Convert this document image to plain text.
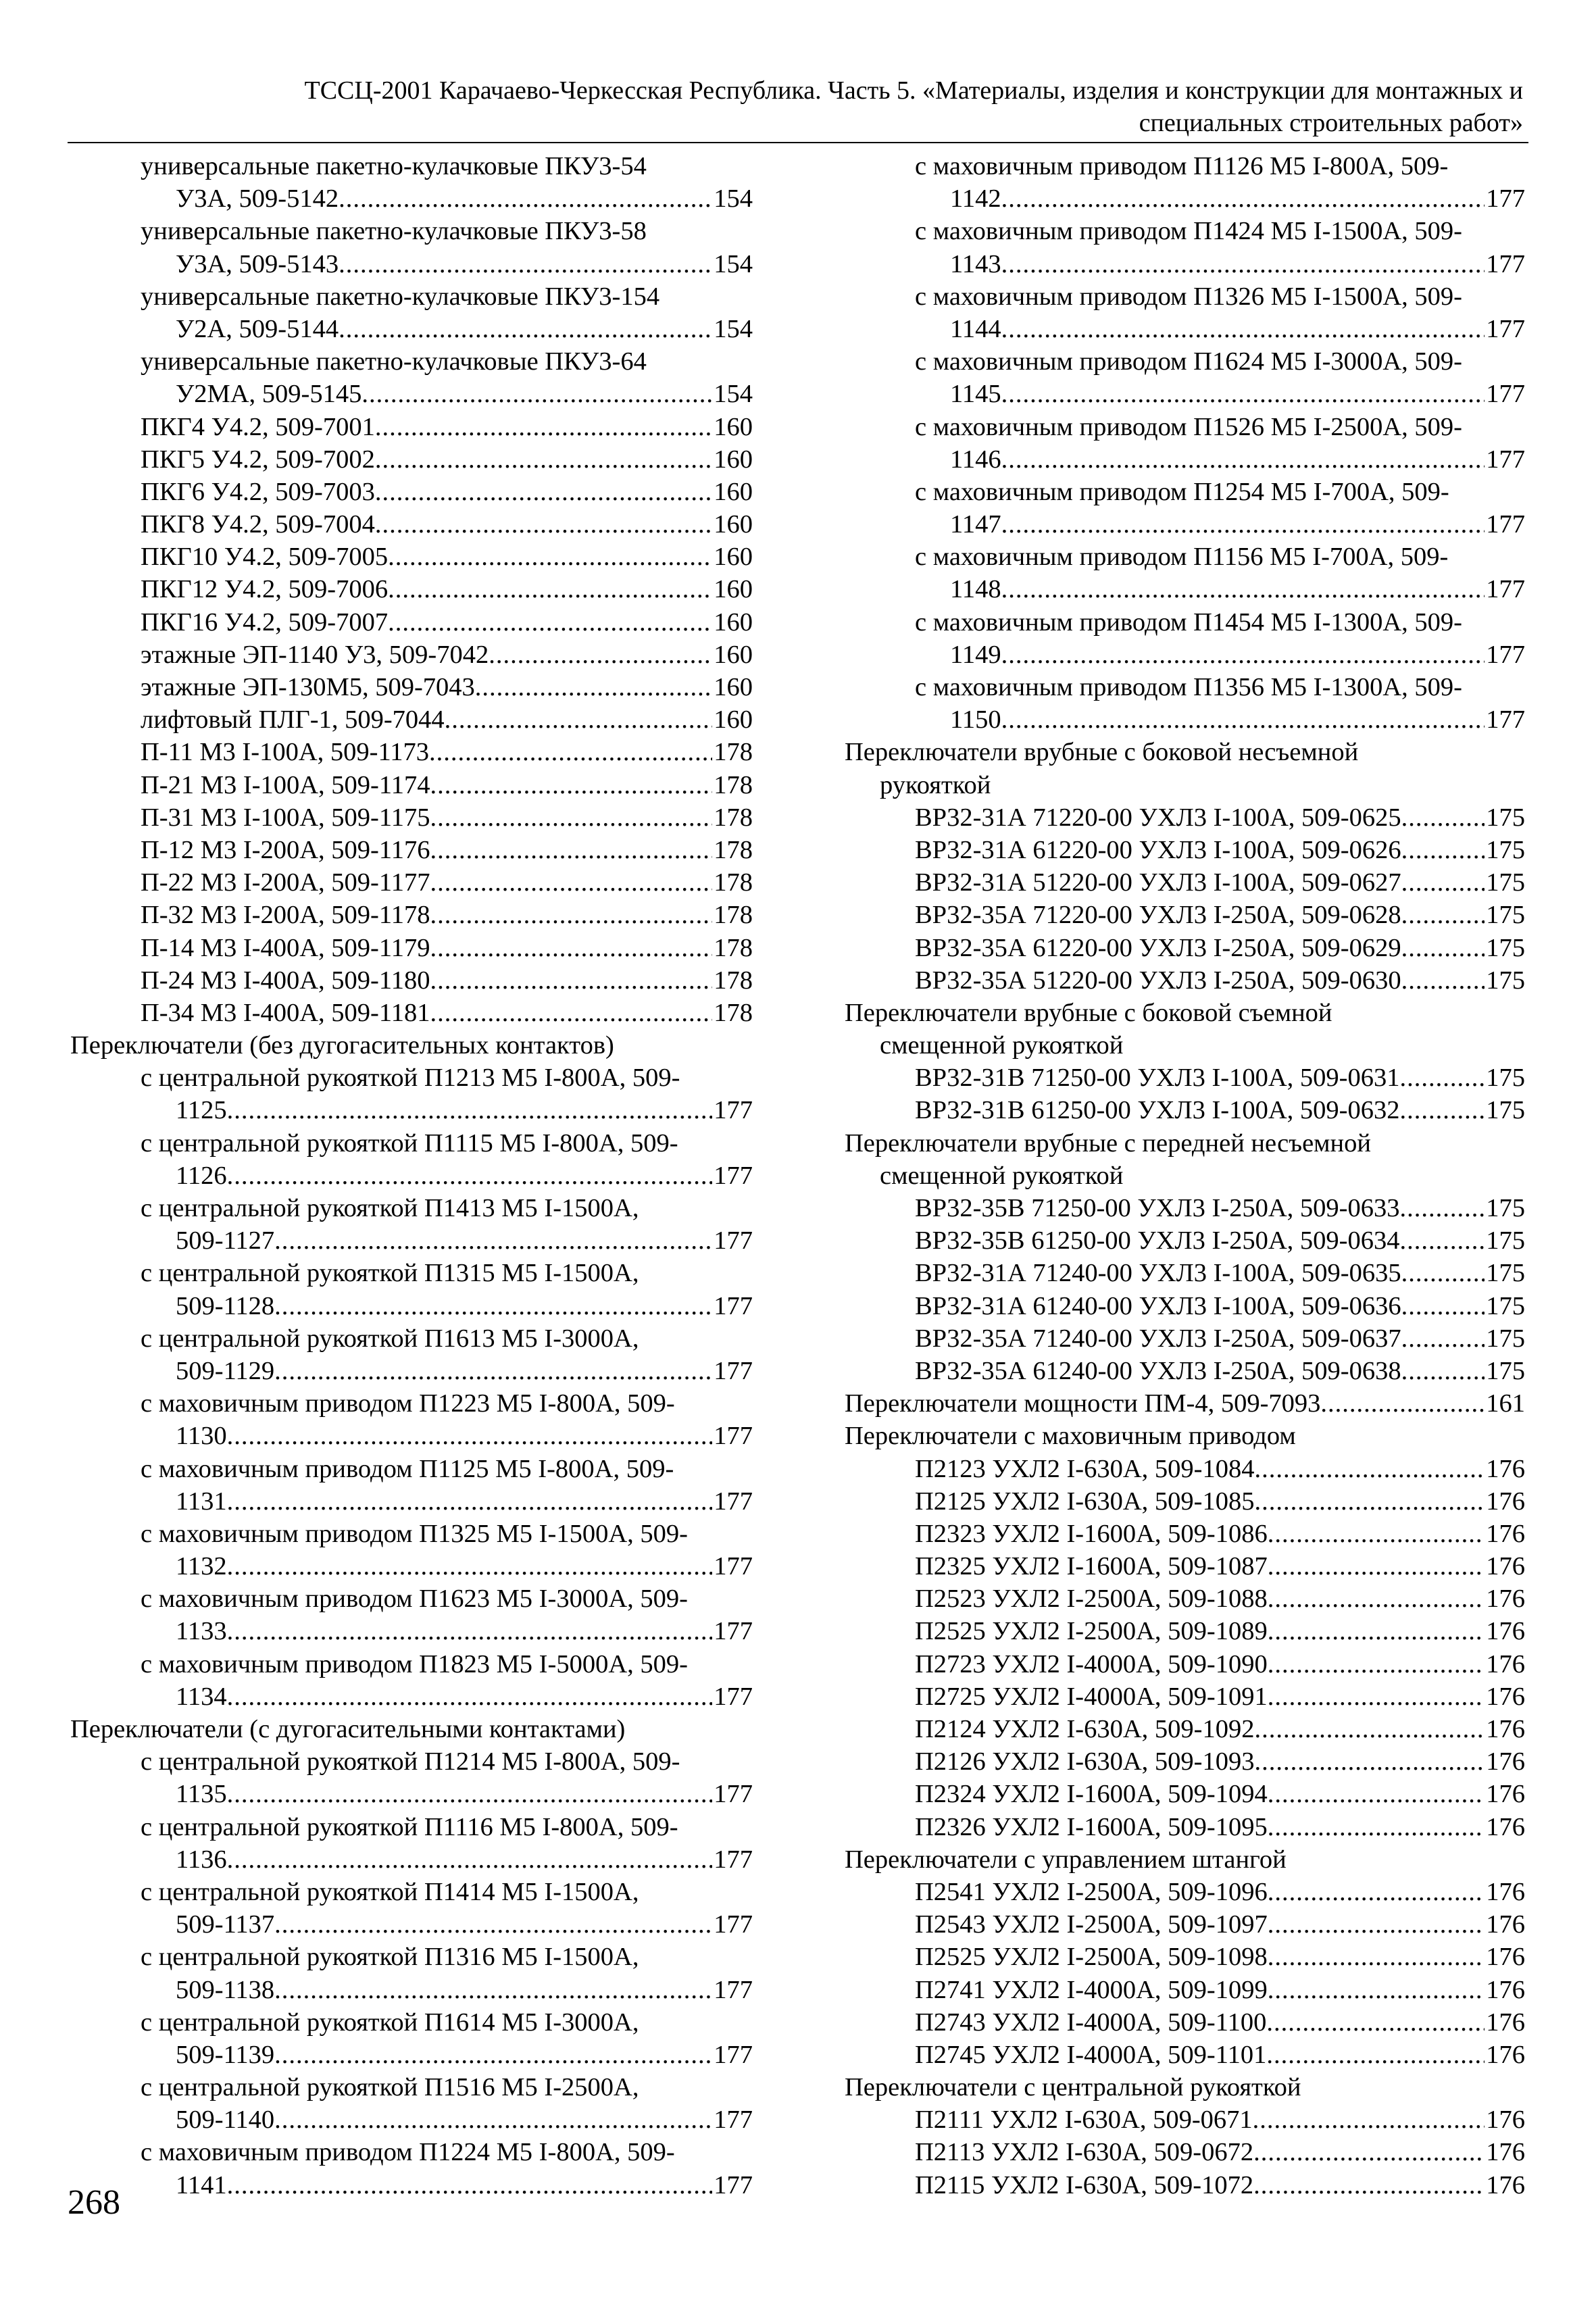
ТССЦ-2001 Карачаево-Черкесская Республика. Часть 5. «Материалы, изделия и конструкции для монтажных и
специальных строительных работ»
универсальные пакетно-кулачковые ПКУ3-54
У3А, 509-5142 .....	154
универсальные пакетно-кулачковые ПКУ3-58
У3А, 509-5143 .....	154
универсальные пакетно-кулачковые ПКУ3-154
У2А, 509-5144 .....	154
универсальные пакетно-кулачковые ПКУ3-64
У2МА, 509-5145 .....	154
ПКГ4 У4.2, 509-7001 .....	160
ПКГ5 У4.2, 509-7002 .....	160
ПКГ6 У4.2, 509-7003 .....	160
ПКГ8 У4.2, 509-7004 .....	160
ПКГ10 У4.2, 509-7005 .....	160
ПКГ12 У4.2, 509-7006 .....	160
ПКГ16 У4.2, 509-7007 .....	160
этажные ЭП-1140 У3, 509-7042 .....	160
этажные ЭП-130М5, 509-7043 .....	160
лифтовый ПЛГ-1, 509-7044 .....	160
П-11 М3 I-100А, 509-1173 .....	178
П-21 М3 I-100А, 509-1174 .....	178
П-31 М3 I-100А, 509-1175 .....	178
П-12 М3 I-200А, 509-1176 .....	178
П-22 М3 I-200А, 509-1177 .....	178
П-32 М3 I-200А, 509-1178 .....	178
П-14 М3 I-400А, 509-1179 .....	178
П-24 М3 I-400А, 509-1180 .....	178
П-34 М3 I-400А, 509-1181 .....	178
Переключатели (без дугогасительных контактов)
с центральной рукояткой П1213 М5 I-800А, 509-
1125 .....	177
с центральной рукояткой П1115 М5 I-800А, 509-
1126 .....	177
с центральной рукояткой П1413 М5 I-1500А,
509-1127 .....	177
с центральной рукояткой П1315 М5 I-1500А,
509-1128 .....	177
с центральной рукояткой П1613 М5 I-3000А,
509-1129 .....	177
с маховичным приводом П1223 М5 I-800А, 509-
1130 .....	177
с маховичным приводом П1125 М5 I-800А, 509-
1131 .....	177
с маховичным приводом П1325 М5 I-1500А, 509-
1132 .....	177
с маховичным приводом П1623 М5 I-3000А, 509-
1133 .....	177
с маховичным приводом П1823 М5 I-5000А, 509-
1134 .....	177
Переключатели (с дугогасительными контактами)
с центральной рукояткой П1214 М5 I-800А, 509-
1135 .....	177
с центральной рукояткой П1116 М5 I-800А, 509-
1136 .....	177
с центральной рукояткой П1414 М5 I-1500А,
509-1137 .....	177
с центральной рукояткой П1316 М5 I-1500А,
509-1138 .....	177
с центральной рукояткой П1614 М5 I-3000А,
509-1139 .....	177
с центральной рукояткой П1516 М5 I-2500А,
509-1140 .....	177
с маховичным приводом П1224 М5 I-800А, 509-
1141 .....	177
с маховичным приводом П1126 М5 I-800А, 509-
1142 .....	177
с маховичным приводом П1424 М5 I-1500А, 509-
1143 .....	177
с маховичным приводом П1326 М5 I-1500А, 509-
1144 .....	177
с маховичным приводом П1624 М5 I-3000А, 509-
1145 .....	177
с маховичным приводом П1526 М5 I-2500А, 509-
1146 .....	177
с маховичным приводом П1254 М5 I-700А, 509-
1147 .....	177
с маховичным приводом П1156 М5 I-700А, 509-
1148 .....	177
с маховичным приводом П1454 М5 I-1300А, 509-
1149 .....	177
с маховичным приводом П1356 М5 I-1300А, 509-
1150 .....	177
Переключатели врубные с боковой несъемной
рукояткой
ВР32-31А 71220-00 УХЛ3 I-100А, 509-0625 .....	175
ВР32-31А 61220-00 УХЛ3 I-100А, 509-0626 .....	175
ВР32-31А 51220-00 УХЛ3 I-100А, 509-0627 .....	175
ВР32-35А 71220-00 УХЛ3 I-250А, 509-0628 .....	175
ВР32-35А 61220-00 УХЛ3 I-250А, 509-0629 .....	175
ВР32-35А 51220-00 УХЛ3 I-250А, 509-0630 .....	175
Переключатели врубные с боковой съемной
смещенной рукояткой
ВР32-31В 71250-00 УХЛ3 I-100А, 509-0631 .....	175
ВР32-31В 61250-00 УХЛ3 I-100А, 509-0632 .....	175
Переключатели врубные с передней несъемной
смещенной рукояткой
ВР32-35В 71250-00 УХЛ3 I-250А, 509-0633 .....	175
ВР32-35В 61250-00 УХЛ3 I-250А, 509-0634 .....	175
ВР32-31А 71240-00 УХЛ3 I-100А, 509-0635 .....	175
ВР32-31А 61240-00 УХЛ3 I-100А, 509-0636 .....	175
ВР32-35А 71240-00 УХЛ3 I-250А, 509-0637 .....	175
ВР32-35А 61240-00 УХЛ3 I-250А, 509-0638 .....	175
Переключатели мощности ПМ-4, 509-7093 .....	161
Переключатели с маховичным приводом
П2123 УХЛ2 I-630А, 509-1084 .....	176
П2125 УХЛ2 I-630А, 509-1085 .....	176
П2323 УХЛ2 I-1600А, 509-1086 .....	176
П2325 УХЛ2 I-1600А, 509-1087 .....	176
П2523 УХЛ2 I-2500А, 509-1088 .....	176
П2525 УХЛ2 I-2500А, 509-1089 .....	176
П2723 УХЛ2 I-4000А, 509-1090 .....	176
П2725 УХЛ2 I-4000А, 509-1091 .....	176
П2124 УХЛ2 I-630А, 509-1092 .....	176
П2126 УХЛ2 I-630А, 509-1093 .....	176
П2324 УХЛ2 I-1600А, 509-1094 .....	176
П2326 УХЛ2 I-1600А, 509-1095 .....	176
Переключатели с управлением штангой
П2541 УХЛ2 I-2500А, 509-1096 .....	176
П2543 УХЛ2 I-2500А, 509-1097 .....	176
П2525 УХЛ2 I-2500А, 509-1098 .....	176
П2741 УХЛ2 I-4000А, 509-1099 .....	176
П2743 УХЛ2 I-4000А, 509-1100 .....	176
П2745 УХЛ2 I-4000А, 509-1101 .....	176
Переключатели с центральной рукояткой
П2111 УХЛ2 I-630А, 509-0671 .....	176
П2113 УХЛ2 I-630А, 509-0672 .....	176
П2115 УХЛ2 I-630А, 509-1072 .....	176
268
